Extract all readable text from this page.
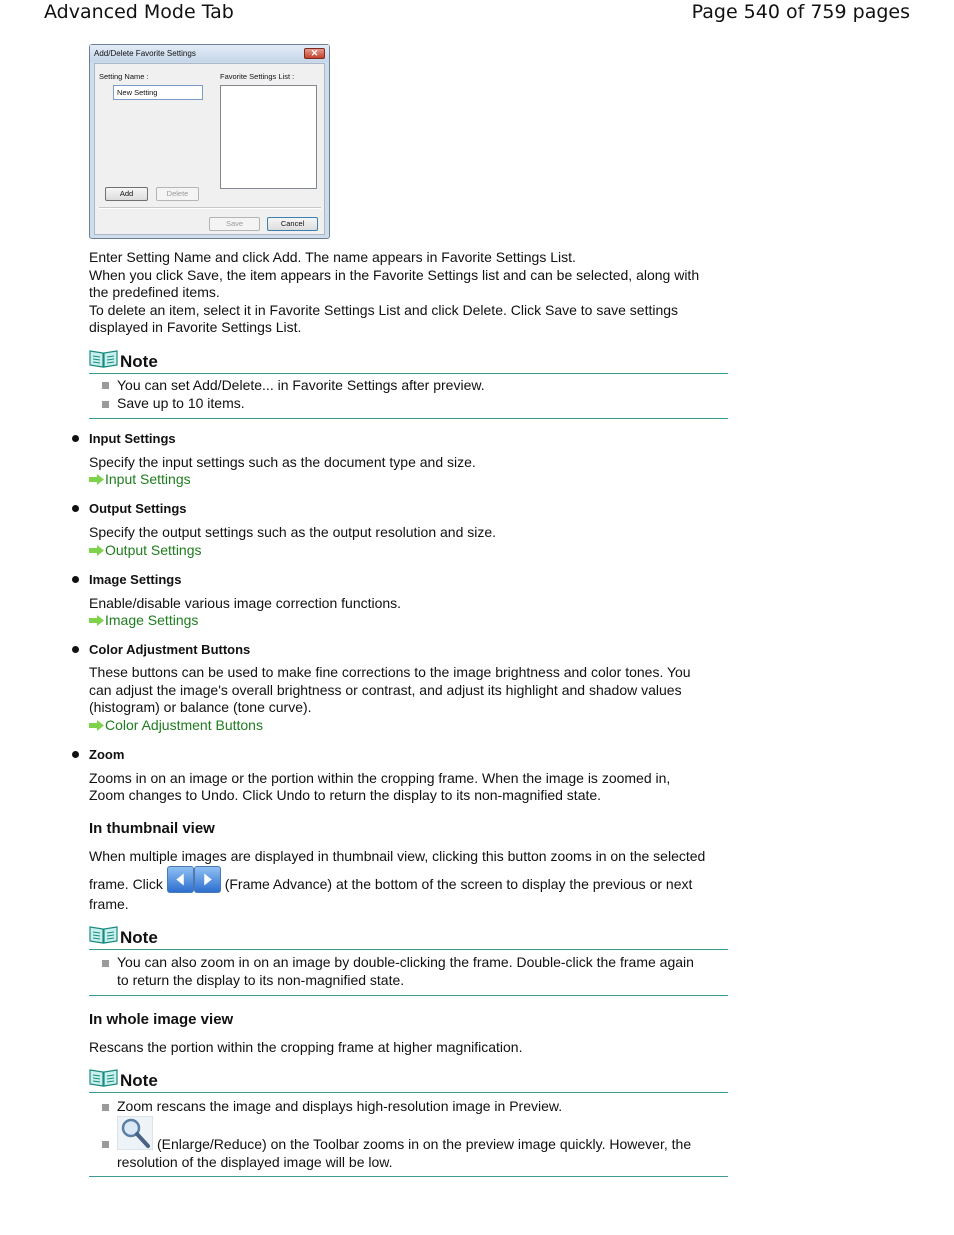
Advanced Mode Tab	Page 540 of 759 pages
Add/Delete Favorite Settings	✕
Setting Name :	Favorite Settings List :
New Setting
Add	Delete
Save	Cancel
Enter Setting Name and click Add. The name appears in Favorite Settings List.
When you click Save, the item appears in the Favorite Settings list and can be selected, along with
the predefined items.
To delete an item, select it in Favorite Settings List and click Delete. Click Save to save settings
displayed in Favorite Settings List.
Note
You can set Add/Delete... in Favorite Settings after preview.
Save up to 10 items.
Input Settings
Specify the input settings such as the document type and size.
Input Settings
Output Settings
Specify the output settings such as the output resolution and size.
Output Settings
Image Settings
Enable/disable various image correction functions.
Image Settings
Color Adjustment Buttons
These buttons can be used to make fine corrections to the image brightness and color tones. You
can adjust the image's overall brightness or contrast, and adjust its highlight and shadow values
(histogram) or balance (tone curve).
Color Adjustment Buttons
Zoom
Zooms in on an image or the portion within the cropping frame. When the image is zoomed in,
Zoom changes to Undo. Click Undo to return the display to its non-magnified state.
In thumbnail view
When multiple images are displayed in thumbnail view, clicking this button zooms in on the selected
frame. Click	(Frame Advance) at the bottom of the screen to display the previous or next
frame.
Note
You can also zoom in on an image by double-clicking the frame. Double-click the frame again
to return the display to its non-magnified state.
In whole image view
Rescans the portion within the cropping frame at higher magnification.
Note
Zoom rescans the image and displays high-resolution image in Preview.
(Enlarge/Reduce) on the Toolbar zooms in on the preview image quickly. However, the
resolution of the displayed image will be low.
